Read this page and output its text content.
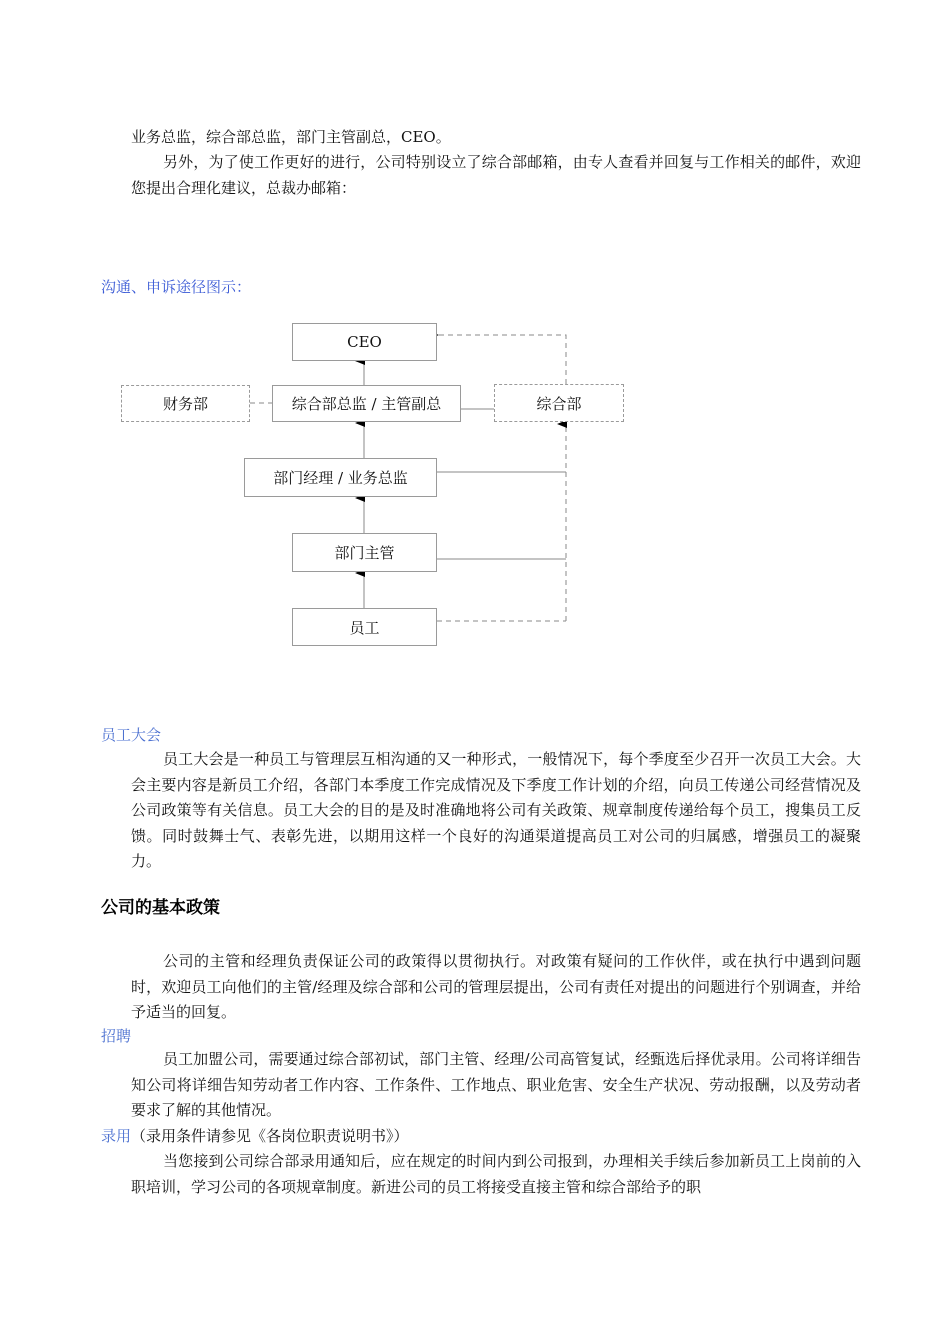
业务总监，综合部总监，部门主管副总，CEO。

另外，为了使工作更好的进行，公司特别设立了综合部邮箱，由专人查看并回复与工作相关的邮件，欢迎您提出合理化建议，总裁办邮箱：

沟通、申诉途径图示：

CEO
财务部	综合部总监 / 主管副总	综合部
部门经理 / 业务总监
部门主管
员工

员工大会

员工大会是一种员工与管理层互相沟通的又一种形式，一般情况下，每个季度至少召开一次员工大会。大会主要内容是新员工介绍，各部门本季度工作完成情况及下季度工作计划的介绍，向员工传递公司经营情况及公司政策等有关信息。员工大会的目的是及时准确地将公司有关政策、规章制度传递给每个员工，搜集员工反馈。同时鼓舞士气、表彰先进，以期用这样一个良好的沟通渠道提高员工对公司的归属感，增强员工的凝聚力。

公司的基本政策

公司的主管和经理负责保证公司的政策得以贯彻执行。对政策有疑问的工作伙伴，或在执行中遇到问题时，欢迎员工向他们的主管/经理及综合部和公司的管理层提出，公司有责任对提出的问题进行个别调查，并给予适当的回复。

招聘

员工加盟公司，需要通过综合部初试，部门主管、经理/公司高管复试，经甄选后择优录用。公司将详细告知公司将详细告知劳动者工作内容、工作条件、工作地点、职业危害、安全生产状况、劳动报酬，以及劳动者要求了解的其他情况。

录用（录用条件请参见《各岗位职责说明书》）

当您接到公司综合部录用通知后，应在规定的时间内到公司报到，办理相关手续后参加新员工上岗前的入职培训，学习公司的各项规章制度。新进公司的员工将接受直接主管和综合部给予的职
